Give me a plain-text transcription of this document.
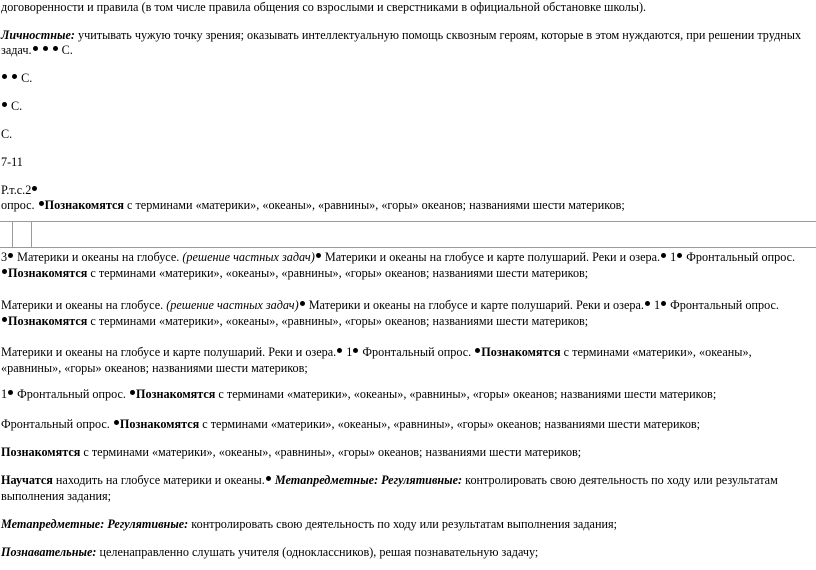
договоренности и правила (в том числе правила общения со взрослыми и сверстниками в официальной обстановке школы).
Личностные: учитывать чужую точку зрения; оказывать интеллектуальную помощь сквозным героям, которые в этом нуждаются, при решении трудных
задач.   С.
С.
С.
С.
7-11
Р.т.с.2
опрос. Познакомятся с терминами «материки», «океаны», «равнины», «горы» океанов; названиями шести материков;
3 Материки и океаны на глобусе. (решение частных задач) Материки и океаны на глобусе и карте полушарий. Реки и озера. 1 Фронтальный опрос.
Познакомятся с терминами «материки», «океаны», «равнины», «горы» океанов; названиями шести материков;
Материки и океаны на глобусе. (решение частных задач) Материки и океаны на глобусе и карте полушарий. Реки и озера. 1 Фронтальный опрос.
Познакомятся с терминами «материки», «океаны», «равнины», «горы» океанов; названиями шести материков;
Материки и океаны на глобусе и карте полушарий. Реки и озера. 1 Фронтальный опрос. Познакомятся с терминами «материки», «океаны»,
«равнины», «горы» океанов; названиями шести материков;
1 Фронтальный опрос. Познакомятся с терминами «материки», «океаны», «равнины», «горы» океанов; названиями шести материков;
Фронтальный опрос. Познакомятся с терминами «материки», «океаны», «равнины», «горы» океанов; названиями шести материков;
Познакомятся с терминами «материки», «океаны», «равнины», «горы» океанов; названиями шести материков;
Научатся находить на глобусе материки и океаны. Метапредметные: Регулятивные: контролировать свою деятельность по ходу или результатам
выполнения задания;
Метапредметные: Регулятивные: контролировать свою деятельность по ходу или результатам выполнения задания;
Познавательные: целенаправленно слушать учителя (одноклассников), решая познавательную задачу;
